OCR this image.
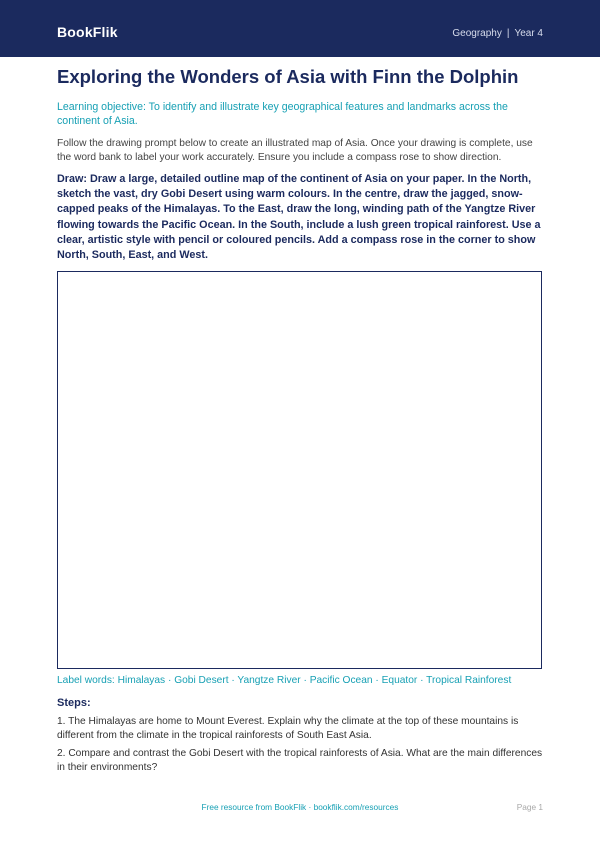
BookFlik	Geography | Year 4
Exploring the Wonders of Asia with Finn the Dolphin
Learning objective: To identify and illustrate key geographical features and landmarks across the continent of Asia.
Follow the drawing prompt below to create an illustrated map of Asia. Once your drawing is complete, use the word bank to label your work accurately. Ensure you include a compass rose to show direction.
Draw: Draw a large, detailed outline map of the continent of Asia on your paper. In the North, sketch the vast, dry Gobi Desert using warm colours. In the centre, draw the jagged, snow-capped peaks of the Himalayas. To the East, draw the long, winding path of the Yangtze River flowing towards the Pacific Ocean. In the South, include a lush green tropical rainforest. Use a clear, artistic style with pencil or coloured pencils. Add a compass rose in the corner to show North, South, East, and West.
Label words: Himalayas · Gobi Desert · Yangtze River · Pacific Ocean · Equator · Tropical Rainforest
Steps:
1. The Himalayas are home to Mount Everest. Explain why the climate at the top of these mountains is different from the climate in the tropical rainforests of South East Asia.
2. Compare and contrast the Gobi Desert with the tropical rainforests of Asia. What are the main differences in their environments?
Free resource from BookFlik · bookflik.com/resources	Page 1
